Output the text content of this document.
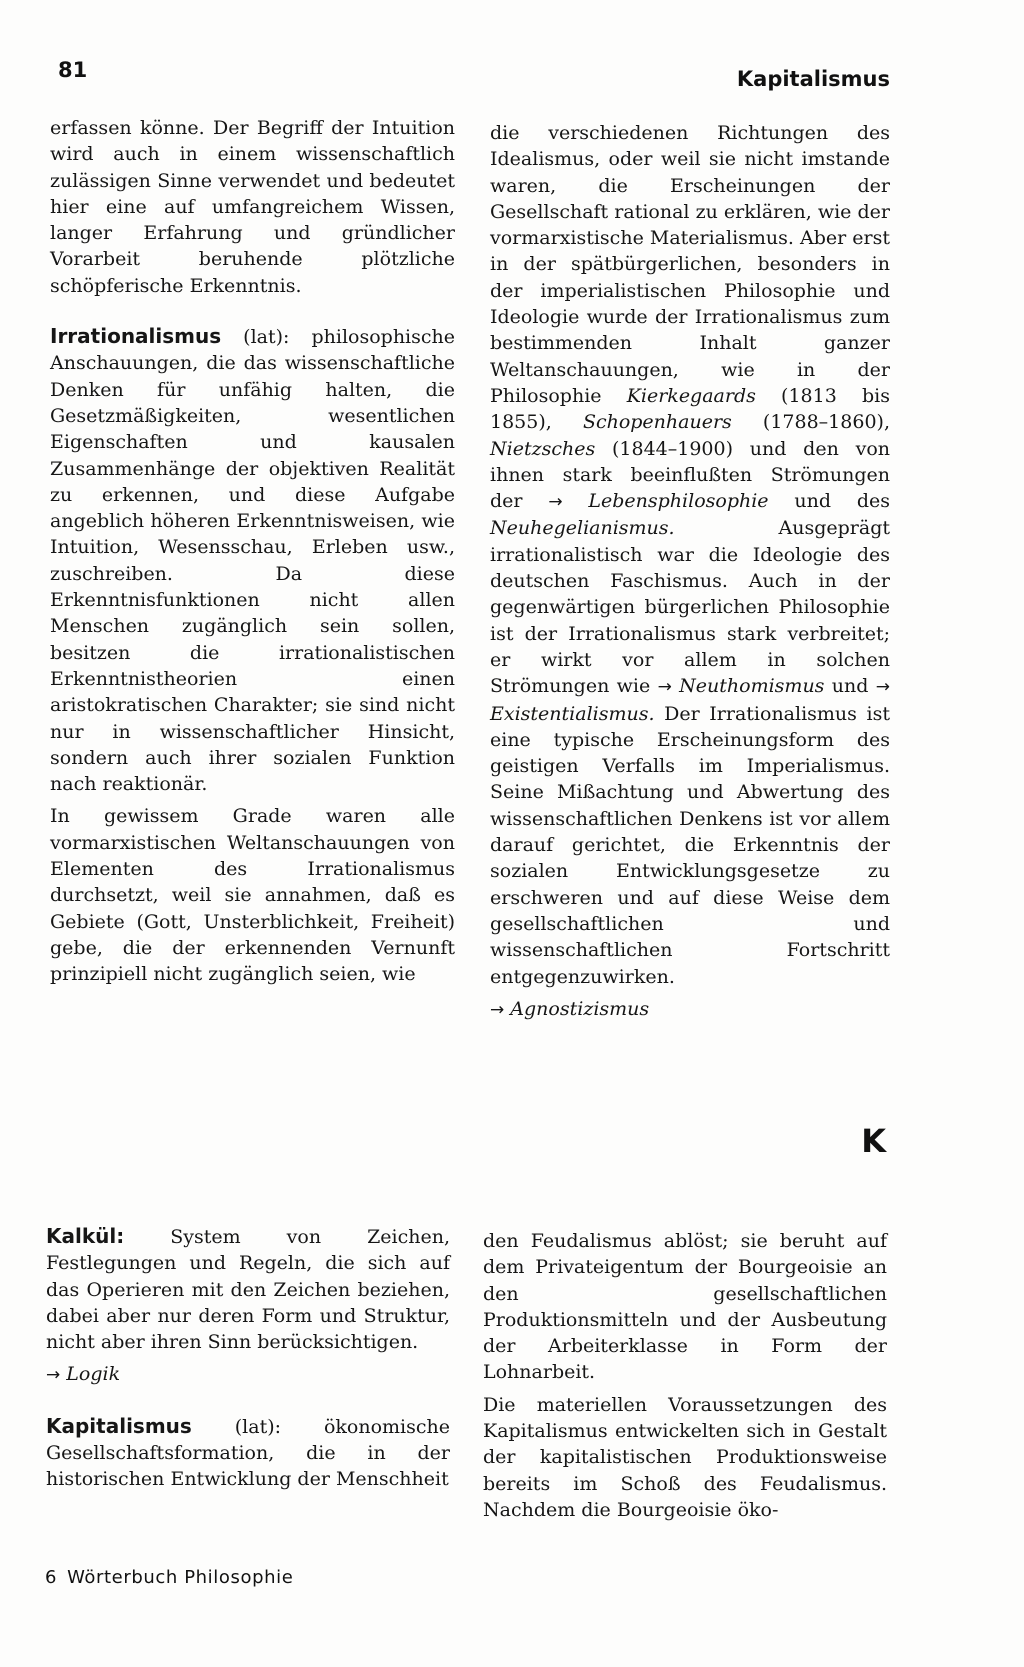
81	Kapitalismus

erfassen könne. Der Begriff der Intuition wird auch in einem wissenschaftlich zulässigen Sinne verwendet und bedeutet hier eine auf umfangreichem Wissen, langer Erfahrung und gründlicher Vorarbeit beruhende plötzliche schöpferische Erkenntnis.

Irrationalismus (lat): philosophische Anschauungen, die das wissenschaftliche Denken für unfähig halten, die Gesetzmäßigkeiten, wesentlichen Eigenschaften und kausalen Zusammenhänge der objektiven Realität zu erkennen, und diese Aufgabe angeblich höheren Erkenntnisweisen, wie Intuition, Wesensschau, Erleben usw., zuschreiben. Da diese Erkenntnisfunktionen nicht allen Menschen zugänglich sein sollen, besitzen die irrationalistischen Erkenntnistheorien einen aristokratischen Charakter; sie sind nicht nur in wissenschaftlicher Hinsicht, sondern auch ihrer sozialen Funktion nach reaktionär.

In gewissem Grade waren alle vormarxistischen Weltanschauungen von Elementen des Irrationalismus durchsetzt, weil sie annahmen, daß es Gebiete (Gott, Unsterblichkeit, Freiheit) gebe, die der erkennenden Vernunft prinzipiell nicht zugänglich seien, wie

die verschiedenen Richtungen des Idealismus, oder weil sie nicht imstande waren, die Erscheinungen der Gesellschaft rational zu erklären, wie der vormarxistische Materialismus. Aber erst in der spätbürgerlichen, besonders in der imperialistischen Philosophie und Ideologie wurde der Irrationalismus zum bestimmenden Inhalt ganzer Weltanschauungen, wie in der Philosophie Kierkegaards (1813 bis 1855), Schopenhauers (1788–1860), Nietzsches (1844–1900) und den von ihnen stark beeinflußten Strömungen der → Lebensphilosophie und des Neuhegelianismus. Ausgeprägt irrationalistisch war die Ideologie des deutschen Faschismus. Auch in der gegenwärtigen bürgerlichen Philosophie ist der Irrationalismus stark verbreitet; er wirkt vor allem in solchen Strömungen wie → Neuthomismus und → Existentialismus. Der Irrationalismus ist eine typische Erscheinungsform des geistigen Verfalls im Imperialismus. Seine Mißachtung und Abwertung des wissenschaftlichen Denkens ist vor allem darauf gerichtet, die Erkenntnis der sozialen Entwicklungsgesetze zu erschweren und auf diese Weise dem gesellschaftlichen und wissenschaftlichen Fortschritt entgegenzuwirken.

→ Agnostizismus

K

Kalkül: System von Zeichen, Festlegungen und Regeln, die sich auf das Operieren mit den Zeichen beziehen, dabei aber nur deren Form und Struktur, nicht aber ihren Sinn berücksichtigen.

→ Logik

Kapitalismus (lat): ökonomische Gesellschaftsformation, die in der historischen Entwicklung der Menschheit

den Feudalismus ablöst; sie beruht auf dem Privateigentum der Bourgeoisie an den gesellschaftlichen Produktionsmitteln und der Ausbeutung der Arbeiterklasse in Form der Lohnarbeit.

Die materiellen Voraussetzungen des Kapitalismus entwickelten sich in Gestalt der kapitalistischen Produktionsweise bereits im Schoß des Feudalismus. Nachdem die Bourgeoisie öko-

6 Wörterbuch Philosophie
